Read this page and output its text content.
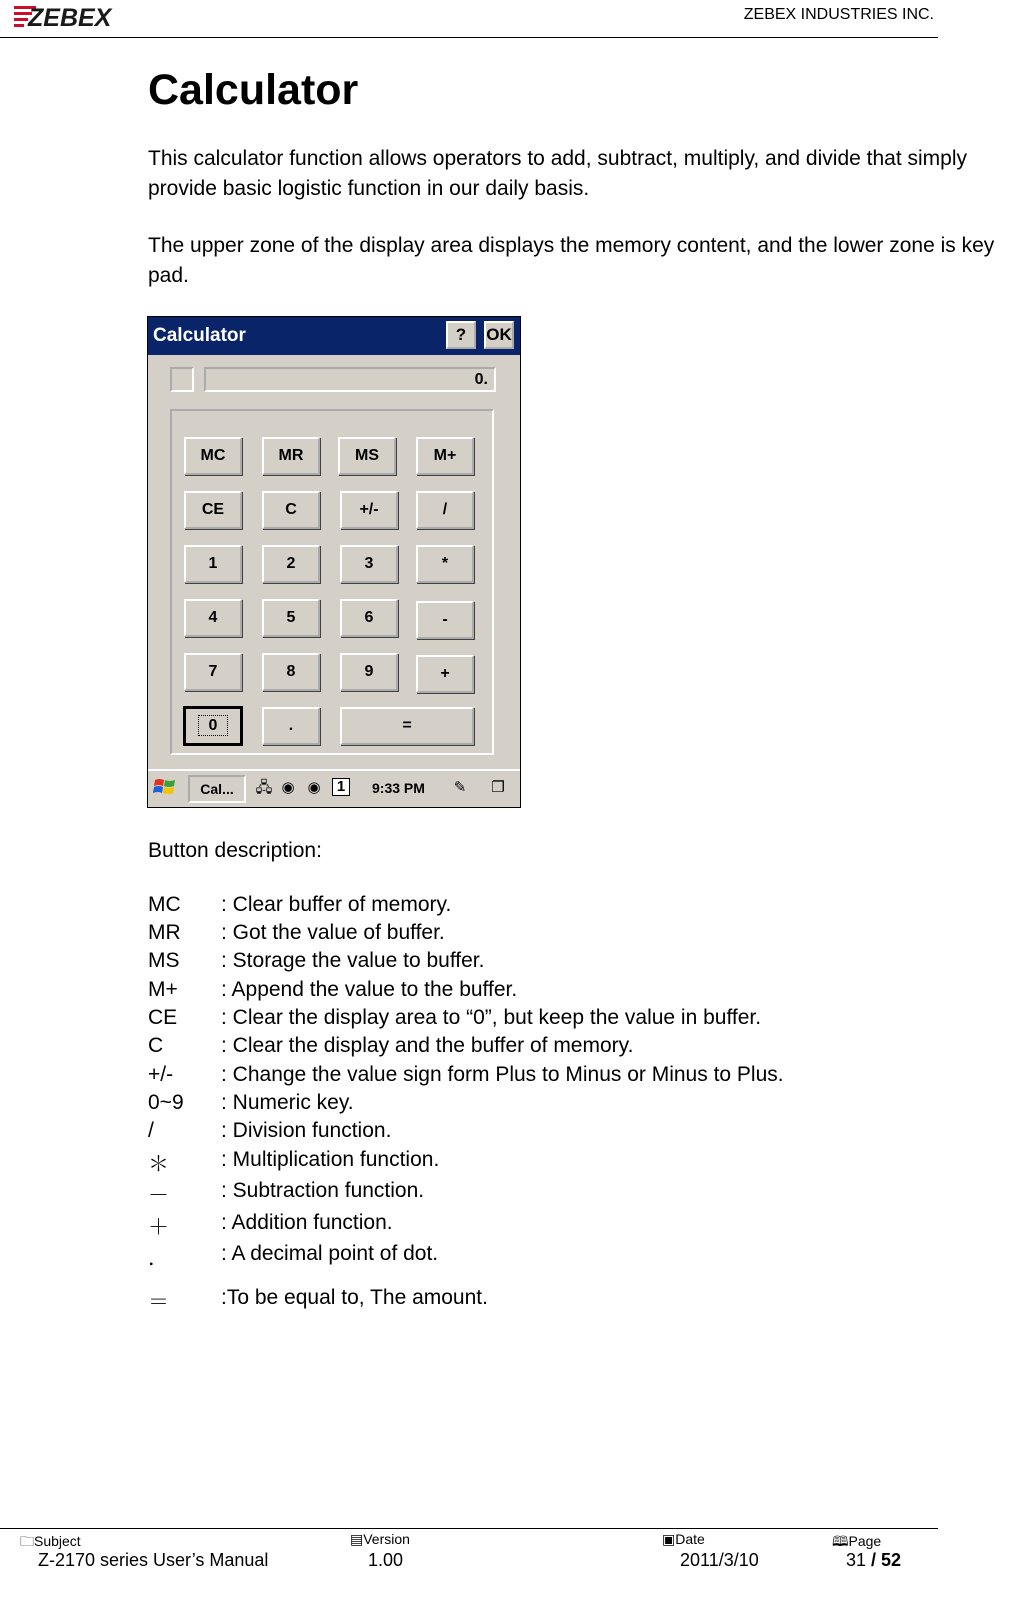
ZEBEX	ZEBEX INDUSTRIES INC.
Calculator
This calculator function allows operators to add, subtract, multiply, and divide that simply provide basic logistic function in our daily basis.
The upper zone of the display area displays the memory content, and the lower zone is key pad.
Calculator	?	OK
0.
MC	MR	MS	M+
CE	C	+/-	/
1	2	3	*
4	5	6	-
7	8	9	+
0	.	=
Cal...	🖧 ◉ ◉	1	9:33 PM ✎ ❐
Button description:
MC : Clear buffer of memory.
MR : Got the value of buffer.
MS : Storage the value to buffer.
M+ : Append the value to the buffer.
CE : Clear the display area to “0”, but keep the value in buffer.
C	: Clear the display and the buffer of memory.
+/- : Change the value sign form Plus to Minus or Minus to Plus.
0~9 : Numeric key.
/	: Division function.
＊ : Multiplication function.
－ : Subtraction function.
＋ : Addition function.
． : A decimal point of dot.
＝ :To be equal to, The amount.
🗀Subject	▤Version	▣Date	🕮Page
Z-2170 series User’s Manual	1.00	2011/3/10	31 / 52
